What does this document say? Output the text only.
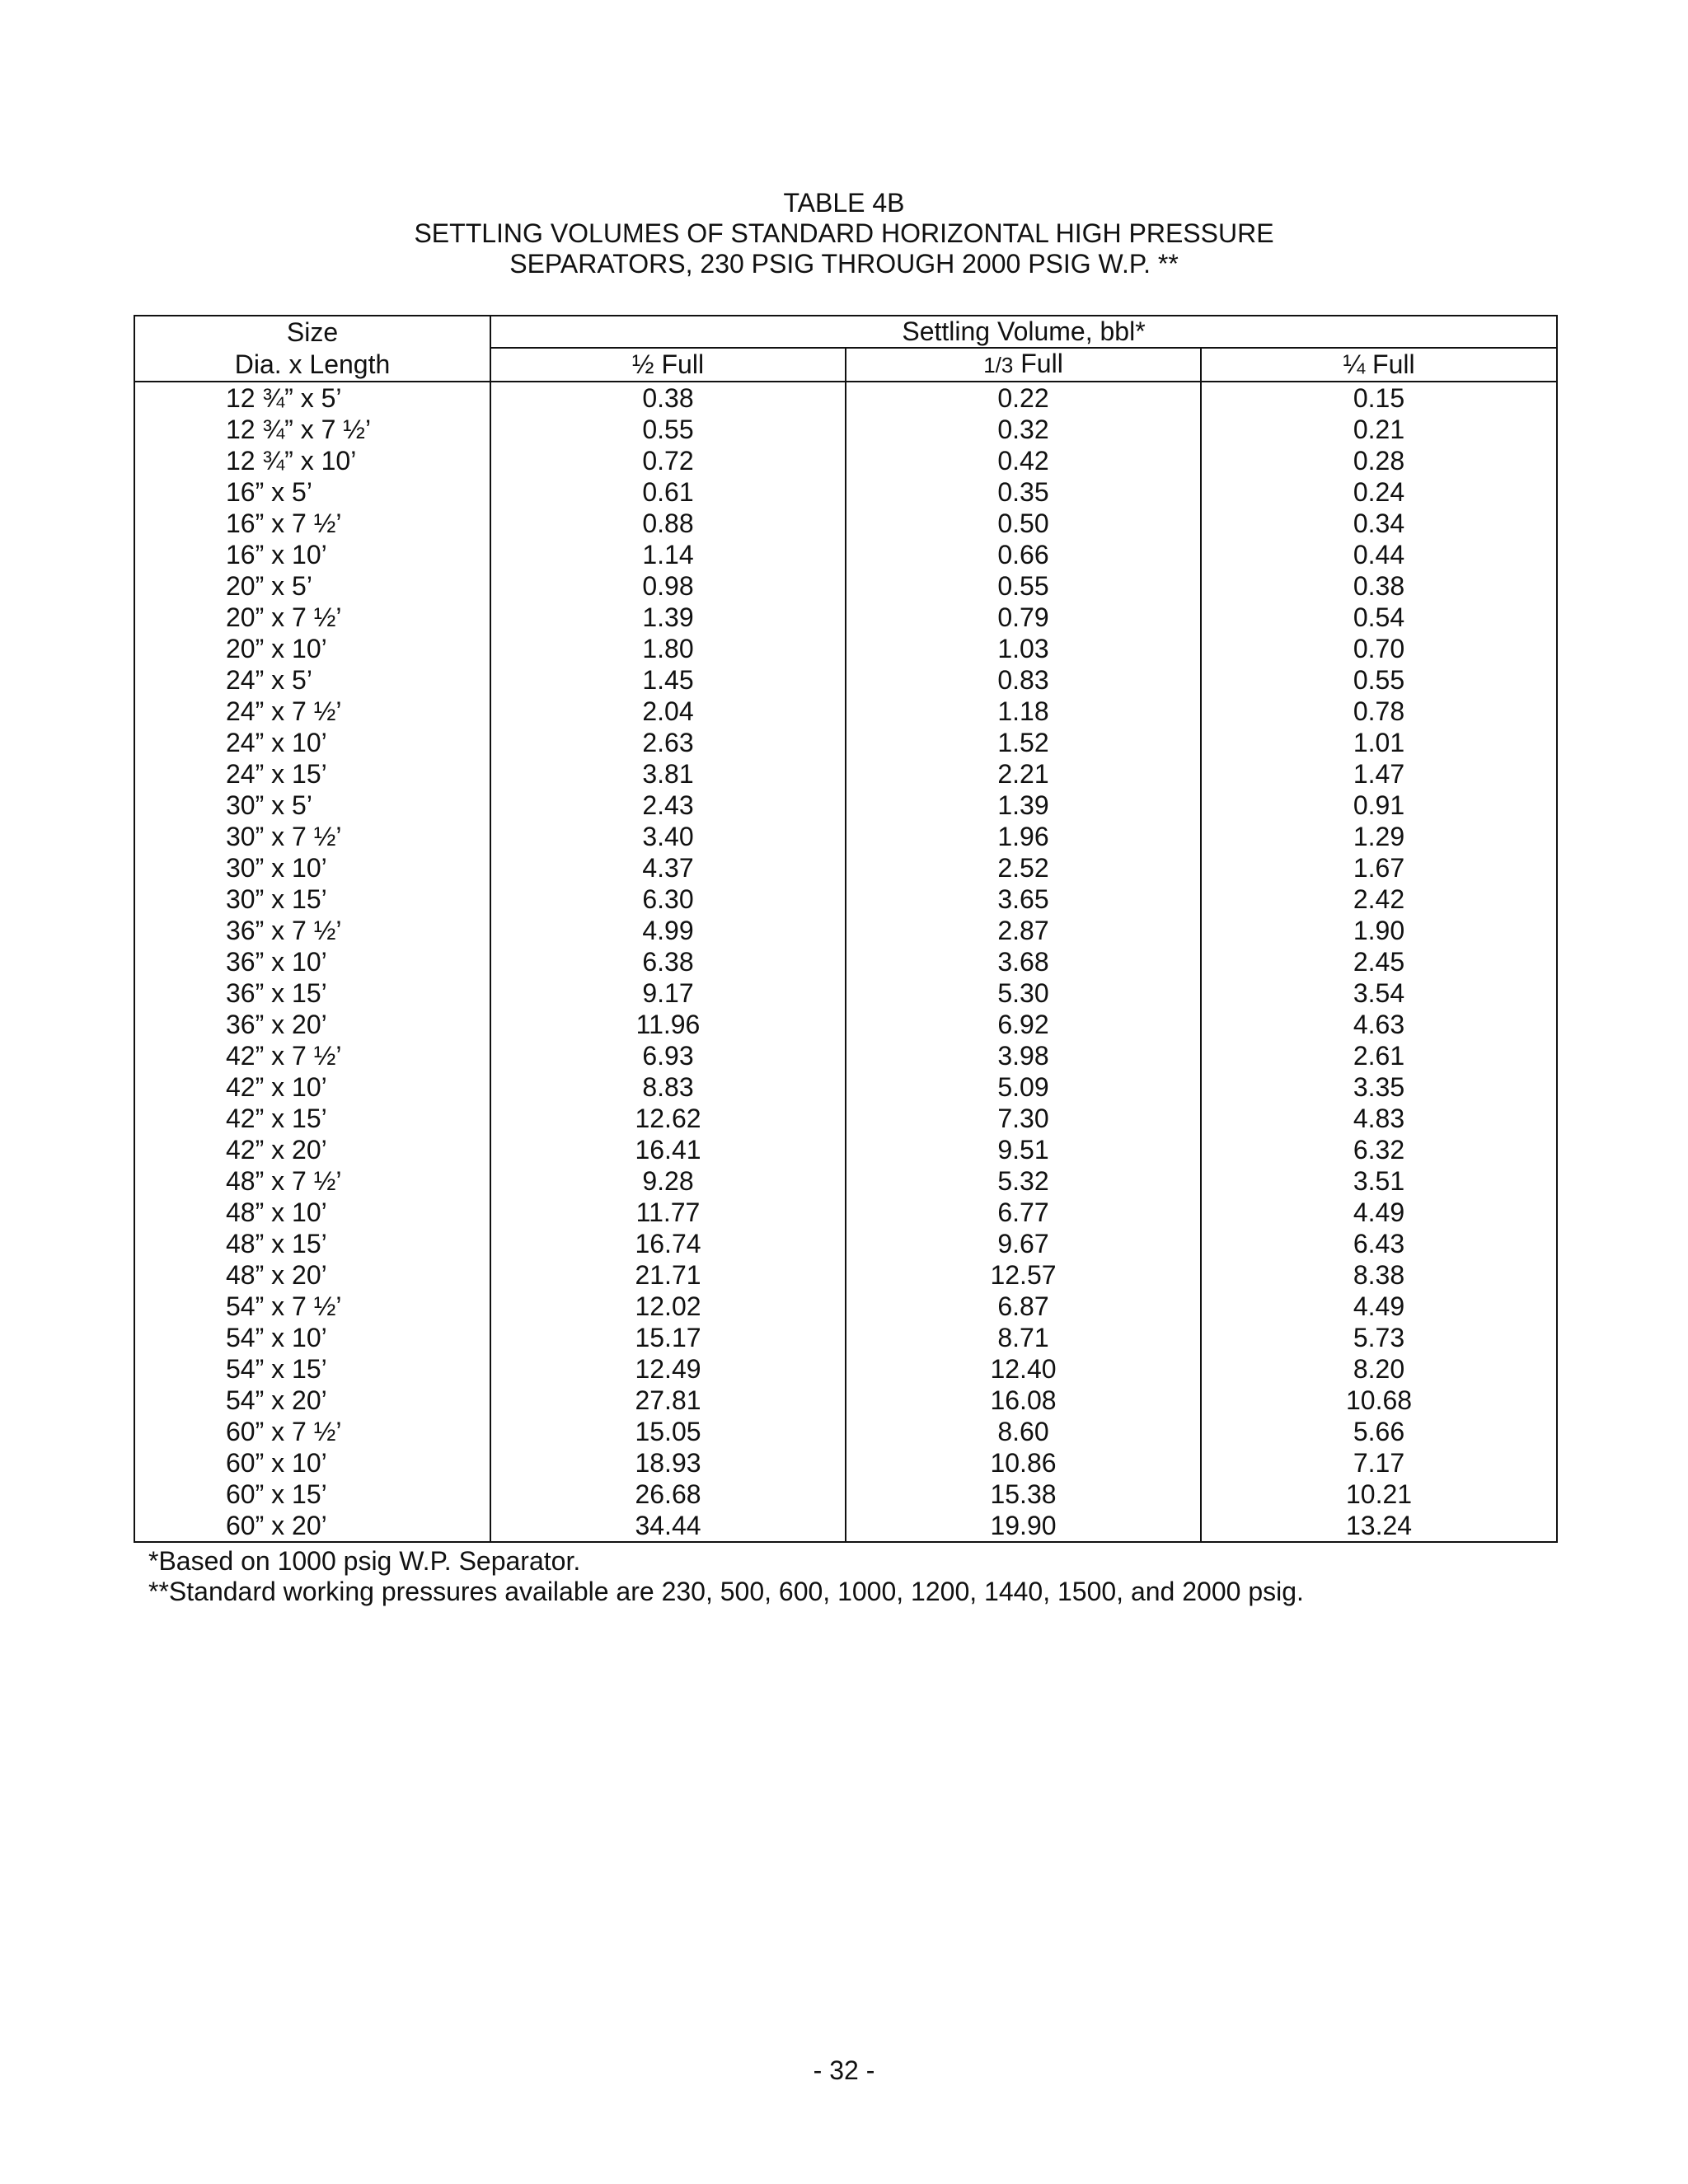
TABLE 4B
SETTLING VOLUMES OF STANDARD HORIZONTAL HIGH PRESSURE
SEPARATORS, 230 PSIG THROUGH 2000 PSIG W.P. **
Size	Settling Volume, bbl*		
Dia. x Length	½ Full	1/3 Full	¼ Full
12 ¾” x 5’	0.38	0.22	0.15
12 ¾” x 7 ½’	0.55	0.32	0.21
12 ¾” x 10’	0.72	0.42	0.28
16” x 5’	0.61	0.35	0.24
16” x 7 ½’	0.88	0.50	0.34
16” x 10’	1.14	0.66	0.44
20” x 5’	0.98	0.55	0.38
20” x 7 ½’	1.39	0.79	0.54
20” x 10’	1.80	1.03	0.70
24” x 5’	1.45	0.83	0.55
24” x 7 ½’	2.04	1.18	0.78
24” x 10’	2.63	1.52	1.01
24” x 15’	3.81	2.21	1.47
30” x 5’	2.43	1.39	0.91
30” x 7 ½’	3.40	1.96	1.29
30” x 10’	4.37	2.52	1.67
30” x 15’	6.30	3.65	2.42
36” x 7 ½’	4.99	2.87	1.90
36” x 10’	6.38	3.68	2.45
36” x 15’	9.17	5.30	3.54
36” x 20’	11.96	6.92	4.63
42” x 7 ½’	6.93	3.98	2.61
42” x 10’	8.83	5.09	3.35
42” x 15’	12.62	7.30	4.83
42” x 20’	16.41	9.51	6.32
48” x 7 ½’	9.28	5.32	3.51
48” x 10’	11.77	6.77	4.49
48” x 15’	16.74	9.67	6.43
48” x 20’	21.71	12.57	8.38
54” x 7 ½’	12.02	6.87	4.49
54” x 10’	15.17	8.71	5.73
54” x 15’	12.49	12.40	8.20
54” x 20’	27.81	16.08	10.68
60” x 7 ½’	15.05	8.60	5.66
60” x 10’	18.93	10.86	7.17
60” x 15’	26.68	15.38	10.21
60” x 20’	34.44	19.90	13.24
*Based on 1000 psig W.P. Separator.
**Standard working pressures available are 230, 500, 600, 1000, 1200, 1440, 1500, and 2000 psig.
- 32 -
